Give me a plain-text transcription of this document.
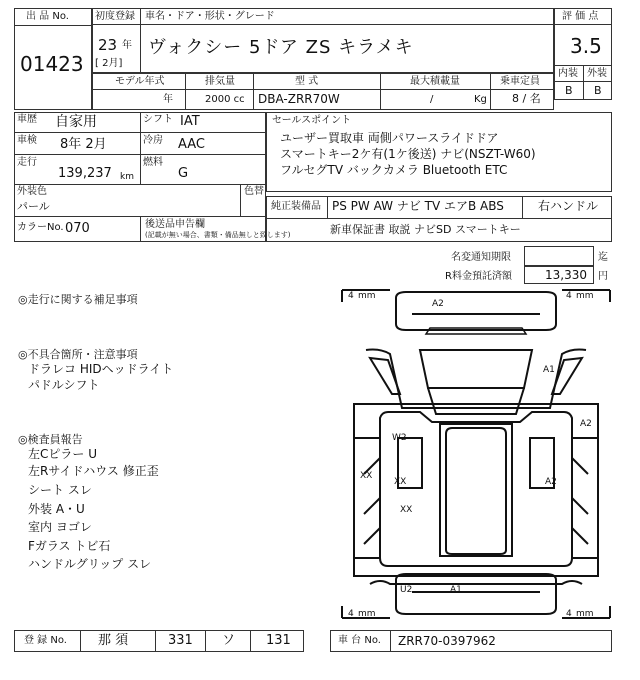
出 品 No.
01423
初度登録 車名・ドア・形状・グレード
23 年
[ 2月]
ヴォクシー 5ドア ZS キラメキ
評 価 点
3.5
内装 外装
B B
モデル年式	排気量	型 式	最大積載量	乗車定員
年	2000 cc DBA-ZRR70W	/	Kg 8 / 名
車歴 自家用	シフト IAT
車検 8年 2月	冷房 AAC
走行
139,237 km
燃料
G
外装色
パール
色替
カラーNo. 070	後送品申告欄
(記載が無い場合、書類・備品無しと致します)
セールスポイント
ユーザー買取車 両側パワースライドドア
スマートキー2ケ有(1ケ後送) ナビ(NSZT-W60)
フルセグTV バックカメラ Bluetooth ETC
純正装備品 PS PW AW ナビ TV エアB ABS	右ハンドル
新車保証書 取説 ナビSD スマートキー
名変通知期限	迄
R料金預託済額	13,330 円
◎走行に関する補足事項
◎不具合箇所・注意事項
ドラレコ HIDヘッドライト
パドルシフト
◎検査員報告
左Cピラー U
左Rサイドハウス 修正歪
シート スレ
外装 A・U
室内 ヨゴレ
Fガラス トビ石
ハンドルグリップ スレ
4 mm	4 mm
4 mm	4 mm
A2
A1
A2
W2
XX
XX
XX
A2
U2	A1
登 録 No. 那 須	331 ソ 131	車 台 No. ZRR70-0397962
